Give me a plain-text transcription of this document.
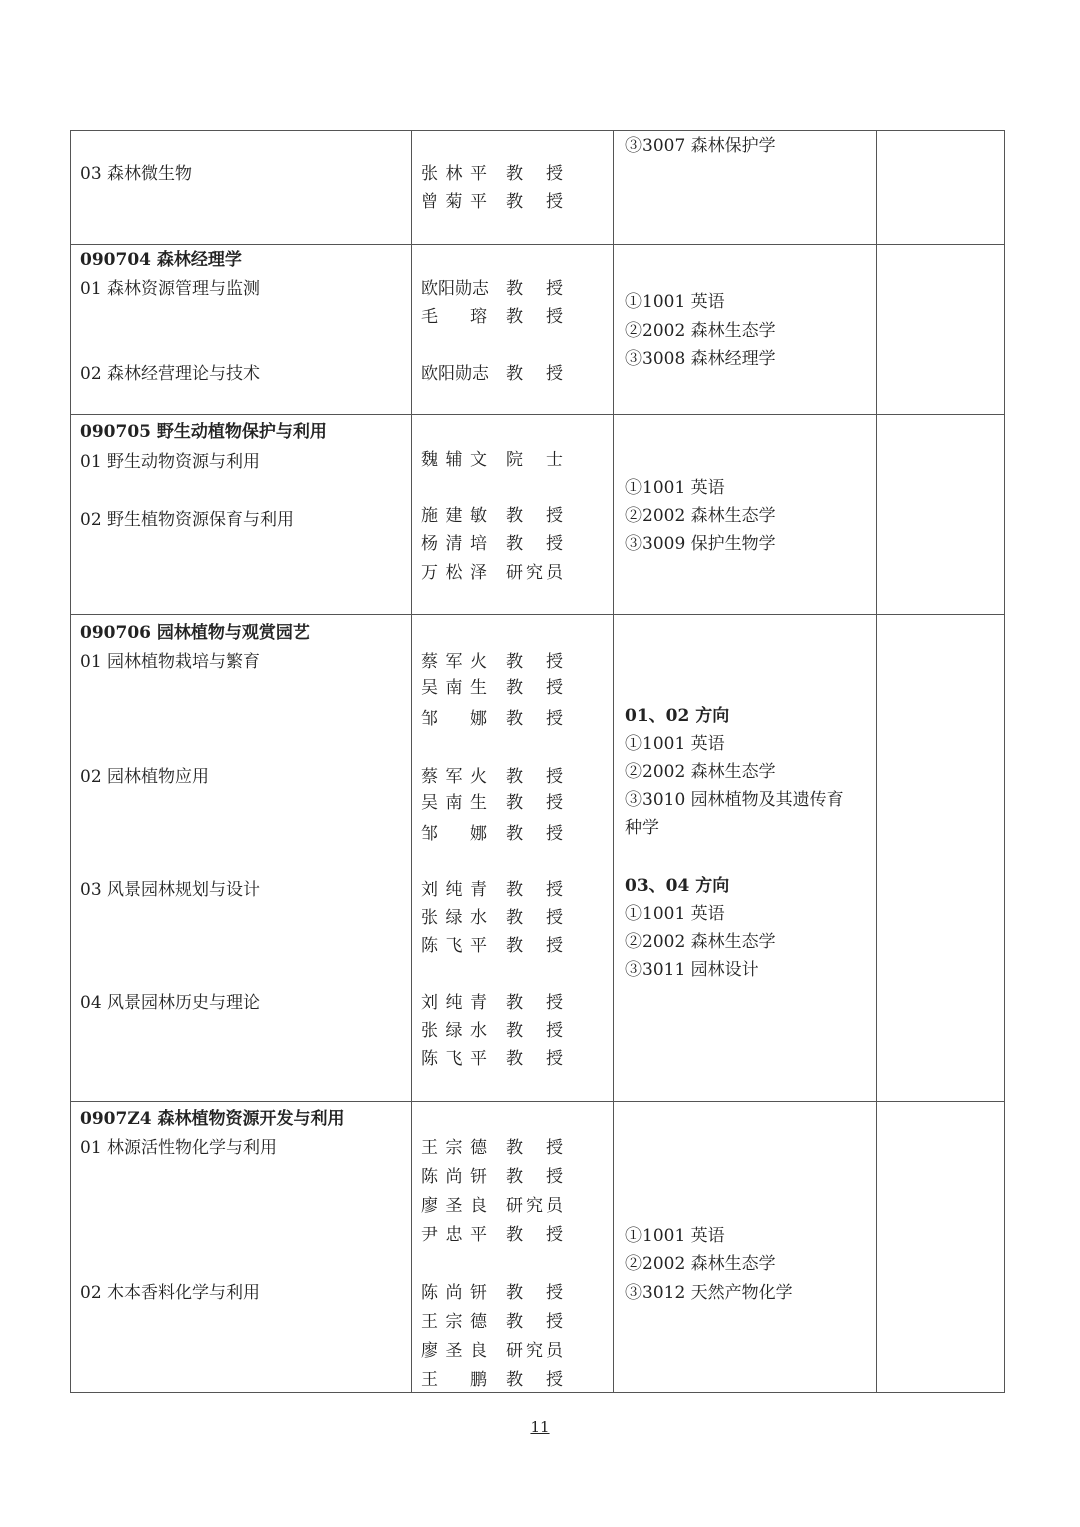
03 森林微生物	张林平 教　授
曾菊平 教　授
③3007 森林保护学
090704 森林经理学
01 森林资源管理与监测
02 森林经营理论与技术
欧阳勋志 教　授
毛　瑢 教　授
欧阳勋志 教　授
①1001 英语
②2002 森林生态学
③3008 森林经理学
090705 野生动植物保护与利用
01 野生动物资源与利用
02 野生植物资源保育与利用
魏辅文 院　士
施建敏 教　授
杨清培 教　授
万松泽 研究员
①1001 英语
②2002 森林生态学
③3009 保护生物学
090706 园林植物与观赏园艺
01 园林植物栽培与繁育
02 园林植物应用
03 风景园林规划与设计
04 风景园林历史与理论
蔡军火 教　授
吴南生 教　授
邹　娜 教　授
蔡军火 教　授
吴南生 教　授
邹　娜 教　授
刘纯青 教　授
张绿水 教　授
陈飞平 教　授
刘纯青 教　授
张绿水 教　授
陈飞平 教　授
01、02 方向
①1001 英语
②2002 森林生态学
③3010 园林植物及其遗传育
种学
03、04 方向
①1001 英语
②2002 森林生态学
③3011 园林设计
0907Z4 森林植物资源开发与利用
01 林源活性物化学与利用
02 木本香料化学与利用
王宗德 教　授
陈尚钘 教　授
廖圣良 研究员
尹忠平 教　授
陈尚钘 教　授
王宗德 教　授
廖圣良 研究员
王　鹏 教　授
①1001 英语
②2002 森林生态学
③3012 天然产物化学
11
